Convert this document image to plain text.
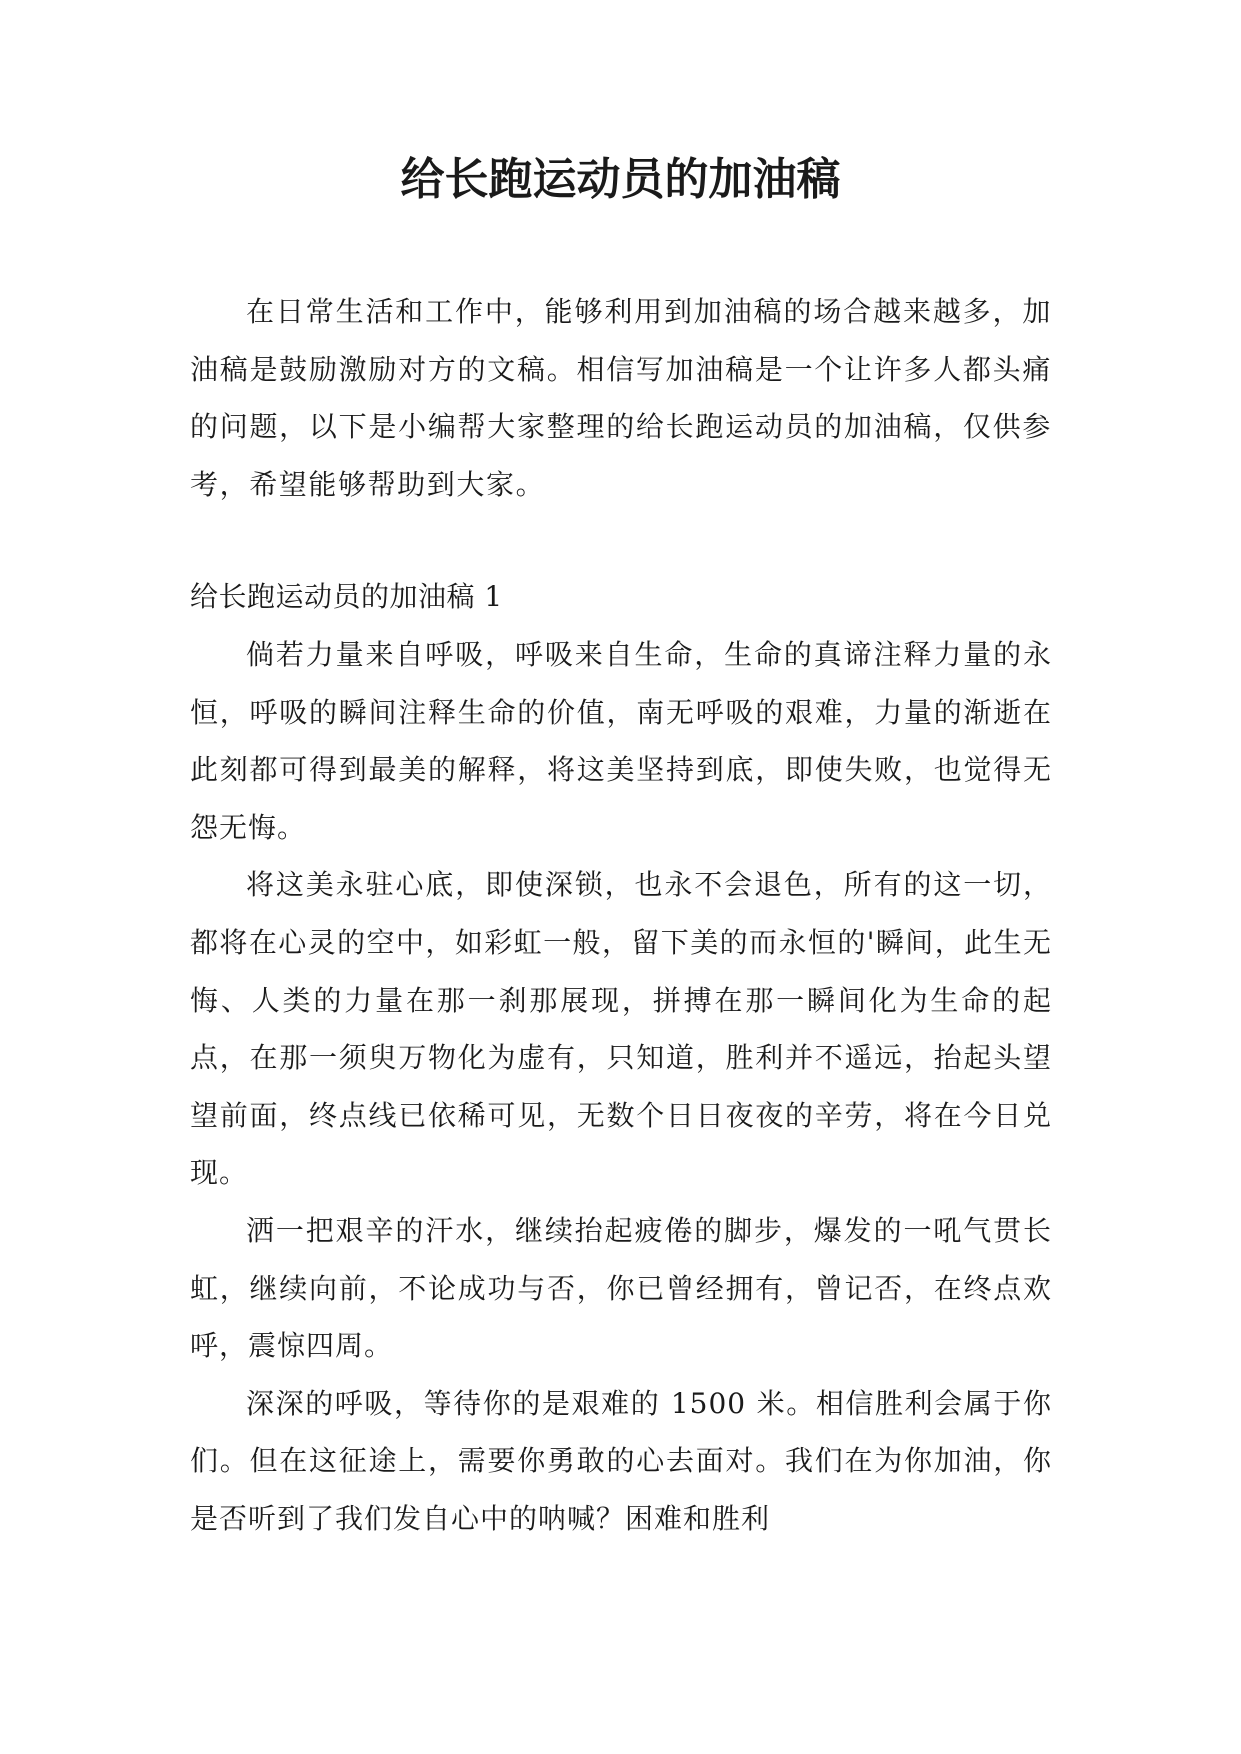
给长跑运动员的加油稿

在日常生活和工作中，能够利用到加油稿的场合越来越多，加油稿是鼓励激励对方的文稿。相信写加油稿是一个让许多人都头痛的问题，以下是小编帮大家整理的给长跑运动员的加油稿，仅供参考，希望能够帮助到大家。

给长跑运动员的加油稿 1

倘若力量来自呼吸，呼吸来自生命，生命的真谛注释力量的永恒，呼吸的瞬间注释生命的价值，南无呼吸的艰难，力量的渐逝在此刻都可得到最美的解释，将这美坚持到底，即使失败，也觉得无怨无悔。

将这美永驻心底，即使深锁，也永不会退色，所有的这一切，都将在心灵的空中，如彩虹一般，留下美的而永恒的'瞬间，此生无悔、人类的力量在那一刹那展现，拼搏在那一瞬间化为生命的起点，在那一须臾万物化为虚有，只知道，胜利并不遥远，抬起头望望前面，终点线已依稀可见，无数个日日夜夜的辛劳，将在今日兑现。

洒一把艰辛的汗水，继续抬起疲倦的脚步，爆发的一吼气贯长虹，继续向前，不论成功与否，你已曾经拥有，曾记否，在终点欢呼，震惊四周。

深深的呼吸，等待你的是艰难的 1500 米。相信胜利会属于你们。但在这征途上，需要你勇敢的心去面对。我们在为你加油，你是否听到了我们发自心中的呐喊？困难和胜利
